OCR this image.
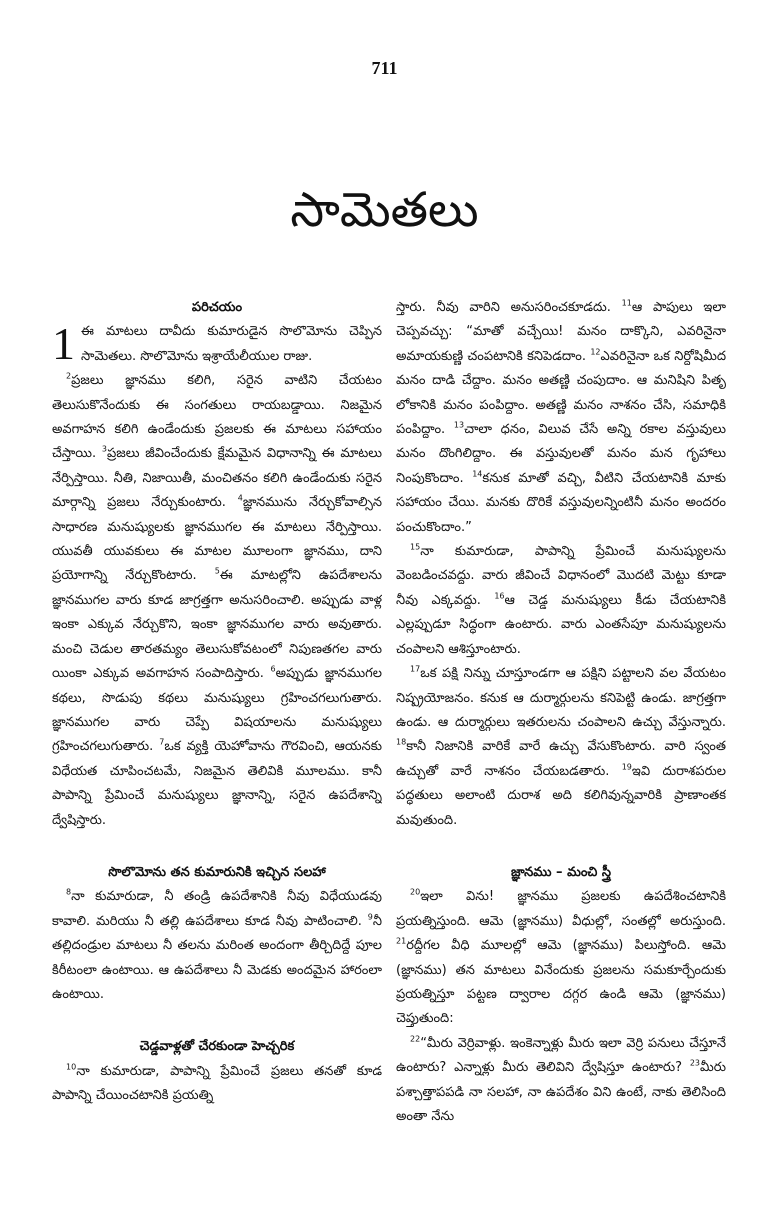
711
సామెతలు
పరిచయం

1 ఈ మాటలు దావీదు కుమారుడైన సొలొమోను చెప్పిన సామెతలు. సొలొమోను ఇశ్రాయేలీయుల రాజు.

$^2$ప్రజలు జ్ఞానము కలిగి, సరైన వాటిని చేయటం తెలుసుకొనేందుకు ఈ సంగతులు రాయబడ్డాయి. నిజమైన అవగాహన కలిగి ఉండేందుకు ప్రజలకు ఈ మాటలు సహాయం చేస్తాయి. $^3$ప్రజలు జీవించేందుకు క్షేమమైన విధానాన్ని ఈ మాటలు నేర్పిస్తాయి. నీతి, నిజాయితీ, మంచితనం కలిగి ఉండేందుకు సరైన మార్గాన్ని ప్రజలు నేర్చుకుంటారు. $^4$జ్ఞానమును నేర్చుకోవాల్సిన సాధారణ మనుష్యులకు జ్ఞానముగల ఈ మాటలు నేర్పిస్తాయి. యువతీ యువకులు ఈ మాటల మూలంగా జ్ఞానము, దాని ప్రయోగాన్ని నేర్చుకొంటారు. $^5$ఈ మాటల్లోని ఉపదేశాలను జ్ఞానముగల వారు కూడ జాగ్రత్తగా అనుసరించాలి. అప్పుడు వాళ్ల ఇంకా ఎక్కువ నేర్చుకొని, ఇంకా జ్ఞానముగల వారు అవుతారు. మంచి చెడుల తారతమ్యం తెలుసుకోవటంలో నిపుణతగల వారు యింకా ఎక్కువ అవగాహన సంపాదిస్తారు. $^6$అప్పుడు జ్ఞానముగల కథలు, సొడుపు కథలు మనుష్యులు గ్రహించగలుగుతారు. జ్ఞానముగల వారు చెప్పే విషయాలను మనుష్యులు గ్రహించగలుగుతారు. $^7$ఒక వ్యక్తి యెహోవాను గౌరవించి, ఆయనకు విధేయత చూపించటమే, నిజమైన తెలివికి మూలము. కానీ పాపాన్ని ప్రేమించే మనుష్యులు జ్ఞానాన్ని, సరైన ఉపదేశాన్ని ద్వేషిస్తారు.

సొలొమోను తన కుమారునికి ఇచ్చిన సలహా

$^8$నా కుమారుడా, నీ తండ్రి ఉపదేశానికి నీవు విధేయుడవు కావాలి. మరియు నీ తల్లి ఉపదేశాలు కూడ నీవు పాటించాలి. $^9$నీ తల్లిదండ్రుల మాటలు నీ తలను మరింత అందంగా తీర్చిదిద్దే పూల కిరీటంలా ఉంటాయి. ఆ ఉపదేశాలు నీ మెడకు అందమైన హారంలా ఉంటాయి.

చెడ్డవాళ్లతో చేరకుండా హెచ్చరిక

$^{10}$నా కుమారుడా, పాపాన్ని ప్రేమించే ప్రజలు తనతో కూడ పాపాన్ని చేయించటానికి ప్రయత్ని

స్తారు. నీవు వారిని అనుసరించకూడదు. $^{11}$ఆ పాపులు ఇలా చెప్పవచ్చు: “మాతో వచ్చేయి! మనం దాక్కొని, ఎవరినైనా అమాయకుణ్ణి చంపటానికి కనిపెడదాం. $^{12}$ఎవరినైనా ఒక నిర్దోషిమీద మనం దాడి చేద్దాం. మనం అతణ్ణి చంపుదాం. ఆ మనిషిని పితృ లోకానికి మనం పంపిద్దాం. అతణ్ణి మనం నాశనం చేసి, సమాధికి పంపిద్దాం. $^{13}$చాలా ధనం, విలువ చేసే అన్ని రకాల వస్తువులు మనం దొంగిలిద్దాం. ఈ వస్తువులతో మనం మన గృహాలు నింపుకొందాం. $^{14}$కనుక మాతో వచ్చి, వీటిని చేయటానికి మాకు సహాయం చేయి. మనకు దొరికే వస్తువులన్నింటినీ మనం అందరం పంచుకొందాం.”

$^{15}$నా కుమారుడా, పాపాన్ని ప్రేమించే మనుష్యులను వెంబడించవద్దు. వారు జీవించే విధానంలో మొదటి మెట్టు కూడా నీవు ఎక్కవద్దు. $^{16}$ఆ చెడ్డ మనుష్యులు కీడు చేయటానికి ఎల్లప్పుడూ సిద్ధంగా ఉంటారు. వారు ఎంతసేపూ మనుష్యులను చంపాలని ఆశిస్తూంటారు.

$^{17}$ఒక పక్షి నిన్ను చూస్తూండగా ఆ పక్షిని పట్టాలని వల వేయటం నిష్ప్రయోజనం. కనుక ఆ దుర్మార్గులను కనిపెట్టి ఉండు. జాగ్రత్తగా ఉండు. ఆ దుర్మార్గులు ఇతరులను చంపాలని ఉచ్చు వేస్తున్నారు. $^{18}$కానీ నిజానికి వారికే వారే ఉచ్చు వేసుకొంటారు. వారి స్వంత ఉచ్చుతో వారే నాశనం చేయబడతారు. $^{19}$ఇవి దురాశపరుల పద్ధతులు అలాంటి దురాశ అది కలిగివున్నవారికి ప్రాణాంతక మవుతుంది.

జ్ఞానము – మంచి స్త్రీ

$^{20}$ఇలా విను! జ్ఞానము ప్రజలకు ఉపదేశించటానికి ప్రయత్నిస్తుంది. ఆమె (జ్ఞానము) వీధుల్లో, సంతల్లో అరుస్తుంది. $^{21}$రద్దీగల వీధి మూలల్లో ఆమె (జ్ఞానము) పిలుస్తోంది. ఆమె (జ్ఞానము) తన మాటలు వినేందుకు ప్రజలను సమకూర్చేందుకు ప్రయత్నిస్తూ పట్టణ ద్వారాల దగ్గర ఉండి ఆమె (జ్ఞానము) చెప్తుతుంది:

$^{22}$“మీరు వెర్రివాళ్లు. ఇంకెన్నాళ్లు మీరు ఇలా వెర్రి పనులు చేస్తూనే ఉంటారు? ఎన్నాళ్లు మీరు తెలివిని ద్వేషిస్తూ ఉంటారు? $^{23}$మీరు పశ్చాత్తాపపడి నా సలహా, నా ఉపదేశం విని ఉంటే, నాకు తెలిసింది అంతా నేను
